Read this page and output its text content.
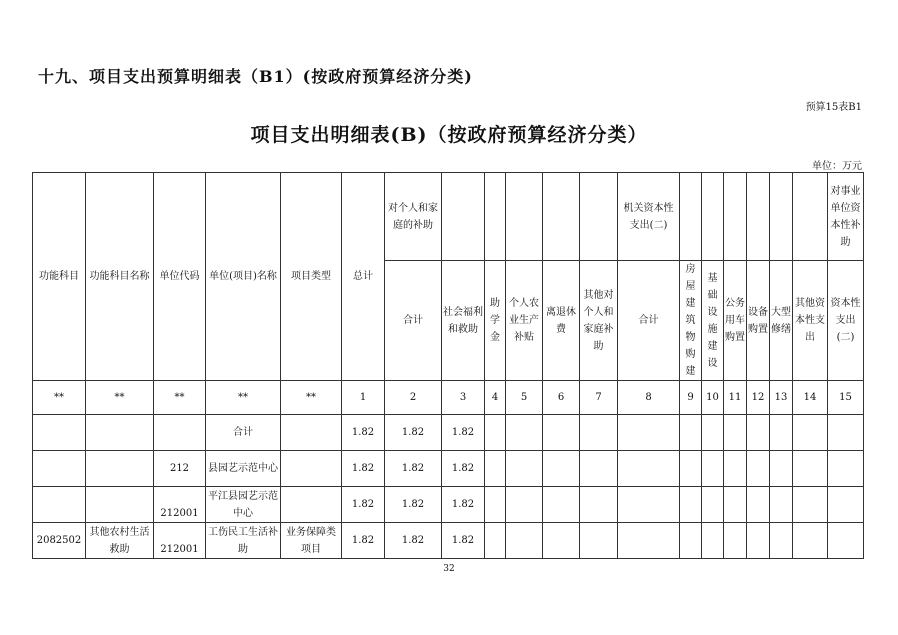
十九、项目支出预算明细表（B1）(按政府预算经济分类)
预算15表B1
项目支出明细表(B)（按政府预算经济分类）
单位：万元
功能科目	功能科目名称	单位代码	单位(项目)名称	项目类型	总计	对个人和家庭的补助						机关资本性支出(二)							对事业单位资本性补助
						合计	社会福利和救助	助学金	个人农业生产补贴	离退休费	其他对个人和家庭补助	合计	房屋建筑物购建	基础设施建设	公务用车购置	设备购置	大型修缮	其他资本性支出	资本性支出(二)
**	**	**	**	**	1	2	3	4	5	6	7	8	9	10	11	12	13	14	15
			合计		1.82	1.82	1.82												
		212	县园艺示范中心		1.82	1.82	1.82												
		212001	平江县园艺示范中心		1.82	1.82	1.82												
2082502	其他农村生活救助	212001	工伤民工生活补助	业务保障类项目	1.82	1.82	1.82												
32
